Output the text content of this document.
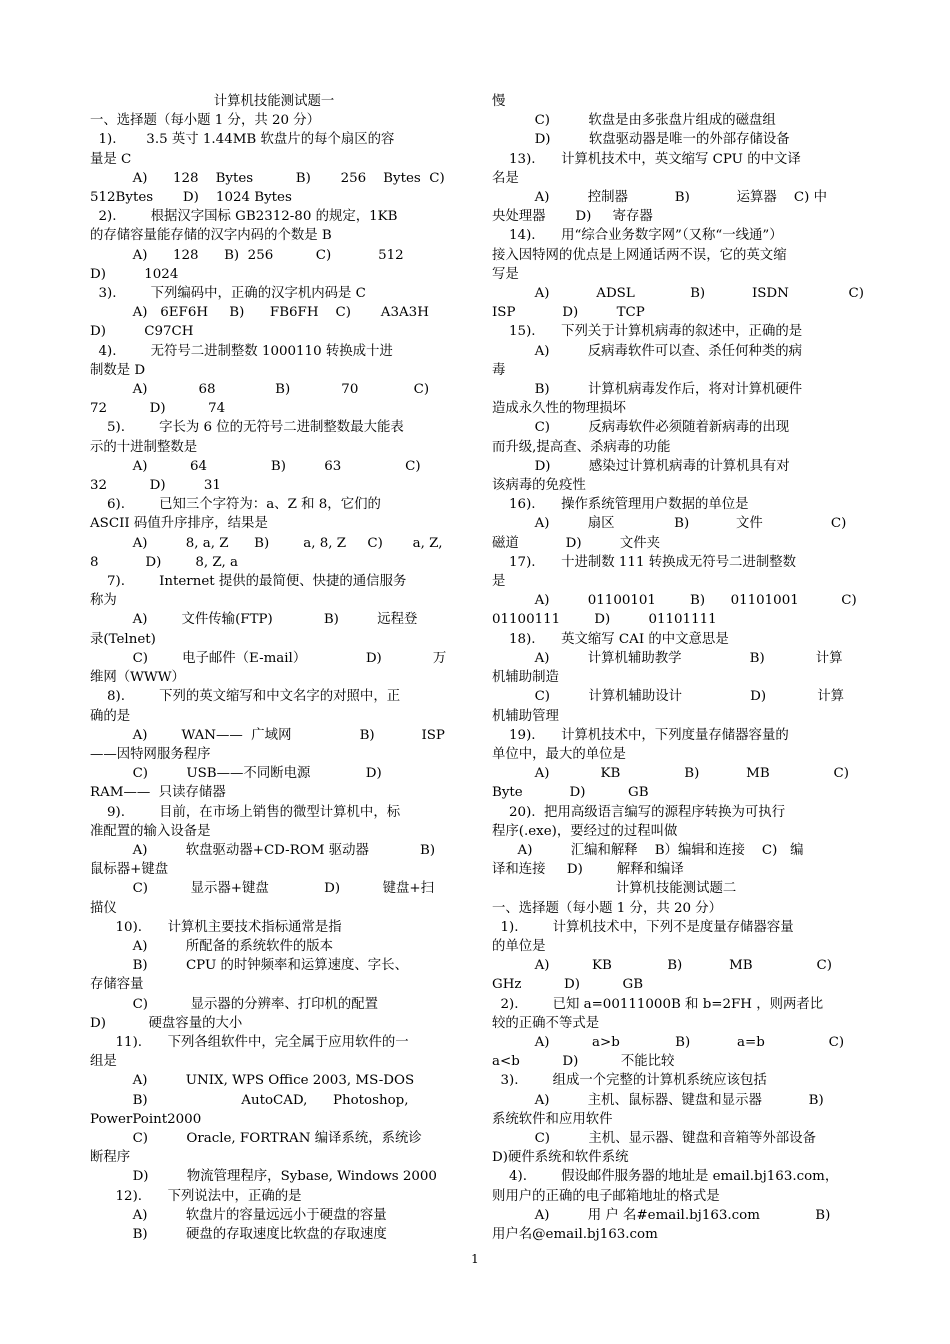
计算机技能测试题一

一、选择题（每小题 1 分，共 20 分）

1).       3.5 英寸 1.44MB 软盘片的每个扇区的容

量是 C

A)      128    Bytes          B)       256    Bytes  C)

512Bytes       D)    1024 Bytes

2).        根据汉字国标 GB2312-80 的规定，1KB

的存储容量能存储的汉字内码的个数是 B

A)      128      B)  256          C)           512

D)         1024

3).        下列编码中，正确的汉字机内码是 C

A)   6EF6H     B)      FB6FH    C)       A3A3H

D)         C97CH

4).        无符号二进制整数 1000110 转换成十进

制数是 D

A)            68              B)            70             C)

72          D)          74

5).        字长为 6 位的无符号二进制整数最大能表

示的十进制整数是

A)          64               B)         63               C)

32          D)         31

6).        已知三个字符为：a、Z 和 8，它们的

ASCII 码值升序排序，结果是

A)         8, a, Z      B)        a, 8, Z     C)       a, Z,

8           D)        8, Z, a

7).        Internet 提供的最简便、快捷的通信服务

称为

A)        文件传输(FTP)            B)         远程登

录(Telnet)

C)        电子邮件（E-mail）              D)            万

维网（WWW）

8).        下列的英文缩写和中文名字的对照中，正

确的是

A)        WAN——  广域网                B)           ISP

——因特网服务程序

C)         USB——不同断电源             D)

RAM——  只读存储器

9).        目前，在市场上销售的微型计算机中，标

准配置的输入设备是

A)         软盘驱动器+CD-ROM 驱动器            B)

鼠标器+键盘

C)          显示器+键盘             D)          键盘+扫

描仪

10).      计算机主要技术指标通常是指

A)         所配备的系统软件的版本

B)         CPU 的时钟频率和运算速度、字长、

存储容量

C)          显示器的分辨率、打印机的配置

D)          硬盘容量的大小

11).      下列各组软件中，完全属于应用软件的一

组是

A)         UNIX, WPS Office 2003, MS-DOS

B)                      AutoCAD,      Photoshop,

PowerPoint2000

C)         Oracle, FORTRAN 编译系统，系统诊

断程序

D)         物流管理程序，Sybase, Windows 2000

12).      下列说法中，正确的是

A)         软盘片的容量远远小于硬盘的容量

B)         硬盘的存取速度比软盘的存取速度

慢

C)         软盘是由多张盘片组成的磁盘组

D)         软盘驱动器是唯一的外部存储设备

13).      计算机技术中，英文缩写 CPU 的中文译

名是

A)         控制器           B)           运算器    C) 中

央处理器       D)     寄存器

14).      用“综合业务数字网”（又称“一线通”）

接入因特网的优点是上网通话两不误，它的英文缩

写是

A)           ADSL             B)           ISDN              C)

ISP           D)         TCP

15).      下列关于计算机病毒的叙述中，正确的是

A)         反病毒软件可以查、杀任何种类的病

毒

B)         计算机病毒发作后，将对计算机硬件

造成永久性的物理损坏

C)         反病毒软件必须随着新病毒的出现

而升级,提高查、杀病毒的功能

D)         感染过计算机病毒的计算机具有对

该病毒的免疫性

16).      操作系统管理用户数据的单位是

A)         扇区              B)           文件                C)

磁道           D)         文件夹

17).      十进制数 111 转换成无符号二进制整数

是

A)         01100101        B)      01101001          C)

01100111        D)         01101111

18).      英文缩写 CAI 的中文意思是

A)         计算机辅助教学                B)            计算

机辅助制造

C)         计算机辅助设计                D)            计算

机辅助管理

19).      计算机技术中，下列度量存储器容量的

单位中，最大的单位是

A)            KB               B)           MB               C)

Byte           D)          GB

20).  把用高级语言编写的源程序转换为可执行

程序(.exe)，要经过的过程叫做

A)         汇编和解释    B）编辑和连接    C)   编

译和连接     D)        解释和编译

计算机技能测试题二

一、选择题（每小题 1 分，共 20 分）

1).        计算机技术中，下列不是度量存储器容量

的单位是

A)          KB             B)           MB               C)

GHz          D)          GB

2).        已知 a=00111000B 和 b=2FH ，则两者比

较的正确不等式是

A)          a>b             B)           a=b               C)

a<b          D)          不能比较

3).        组成一个完整的计算机系统应该包括

A)         主机、鼠标器、键盘和显示器           B)

系统软件和应用软件

C)         主机、显示器、键盘和音箱等外部设备

D)硬件系统和软件系统

4).        假设邮件服务器的地址是 email.bj163.com，

则用户的正确的电子邮箱地址的格式是

A)         用 户 名#email.bj163.com             B)

用户名@email.bj163.com

1
